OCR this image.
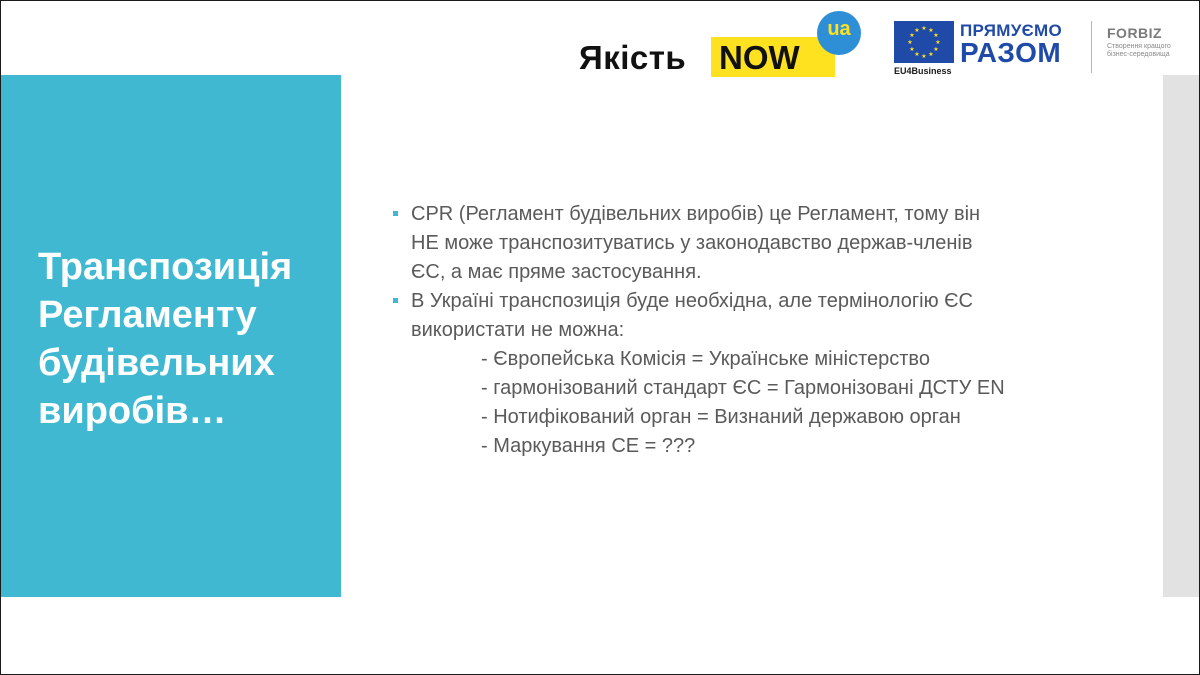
Якість NOW
ua	★ ★
★
★
★
★
★
★
★
★
★
★
EU4Business
ПРЯМУЄМО
РАЗОМ
FORBIZ
Створення кращого
бізнес-середовища
Транспозиція
Регламенту
будівельних
виробів…
CPR (Регламент будівельних виробів) це Регламент, тому він
НЕ може транспозитуватись у законодавство держав-членів
ЄС, а має пряме застосування.
В Україні транспозиція буде необхідна, але термінологію ЄС
використати не можна:
- Європейська Комісія = Українське міністерство
- гармонізований стандарт ЄС = Гармонізовані ДСТУ EN
- Нотифікований орган = Визнаний державою орган
- Маркування CE = ???
